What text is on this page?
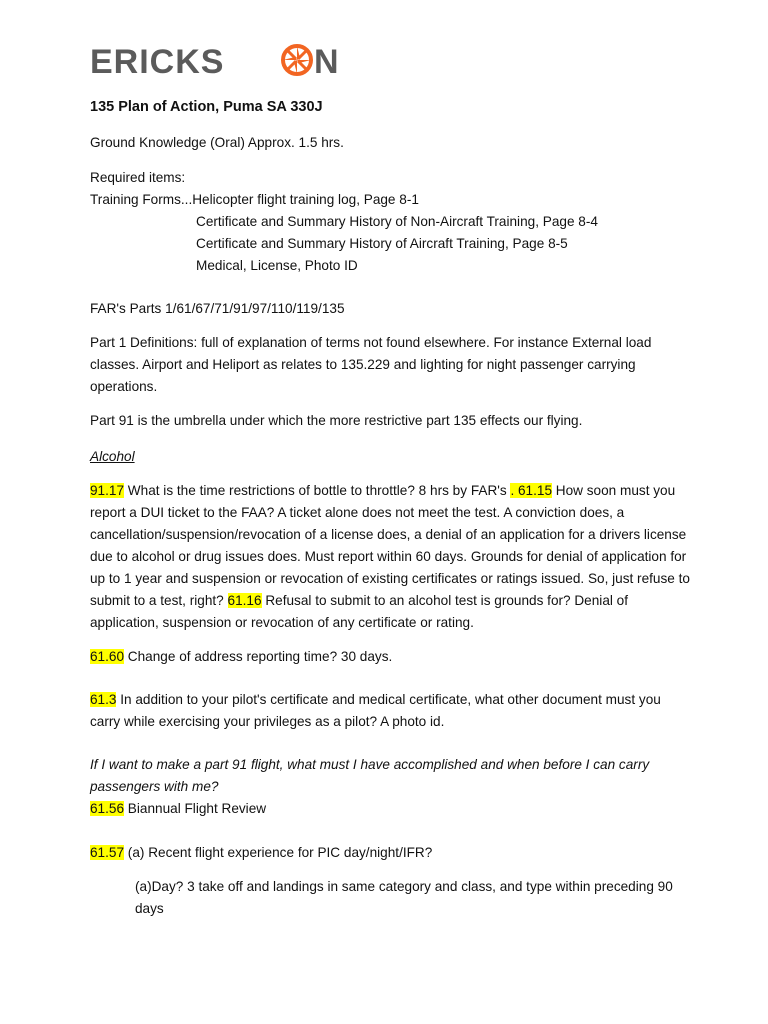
ERICKS	N
135 Plan of Action, Puma SA 330J
Ground Knowledge (Oral) Approx. 1.5 hrs.
Required items:
Training Forms...Helicopter flight training log, Page 8-1
Certificate and Summary History of Non-Aircraft Training, Page 8-4
Certificate and Summary History of Aircraft Training, Page 8-5
Medical, License, Photo ID
FAR's Parts 1/61/67/71/91/97/110/119/135
Part 1 Definitions: full of explanation of terms not found elsewhere. For instance External load classes. Airport and Heliport as relates to 135.229 and lighting for night passenger carrying operations.
Part 91 is the umbrella under which the more restrictive part 135 effects our flying.
Alcohol
91.17 What is the time restrictions of bottle to throttle? 8 hrs by FAR's . 61.15 How soon must you report a DUI ticket to the FAA? A ticket alone does not meet the test. A conviction does, a cancellation/suspension/revocation of a license does, a denial of an application for a drivers license due to alcohol or drug issues does. Must report within 60 days. Grounds for denial of application for up to 1 year and suspension or revocation of existing certificates or ratings issued. So, just refuse to submit to a test, right? 61.16 Refusal to submit to an alcohol test is grounds for? Denial of application, suspension or revocation of any certificate or rating.
61.60 Change of address reporting time? 30 days.
61.3 In addition to your pilot's certificate and medical certificate, what other document must you carry while exercising your privileges as a pilot? A photo id.
If I want to make a part 91 flight, what must I have accomplished and when before I can carry passengers with me?
61.56 Biannual Flight Review
61.57 (a) Recent flight experience for PIC day/night/IFR?
(a)Day? 3 take off and landings in same category and class, and type within preceding 90 days
